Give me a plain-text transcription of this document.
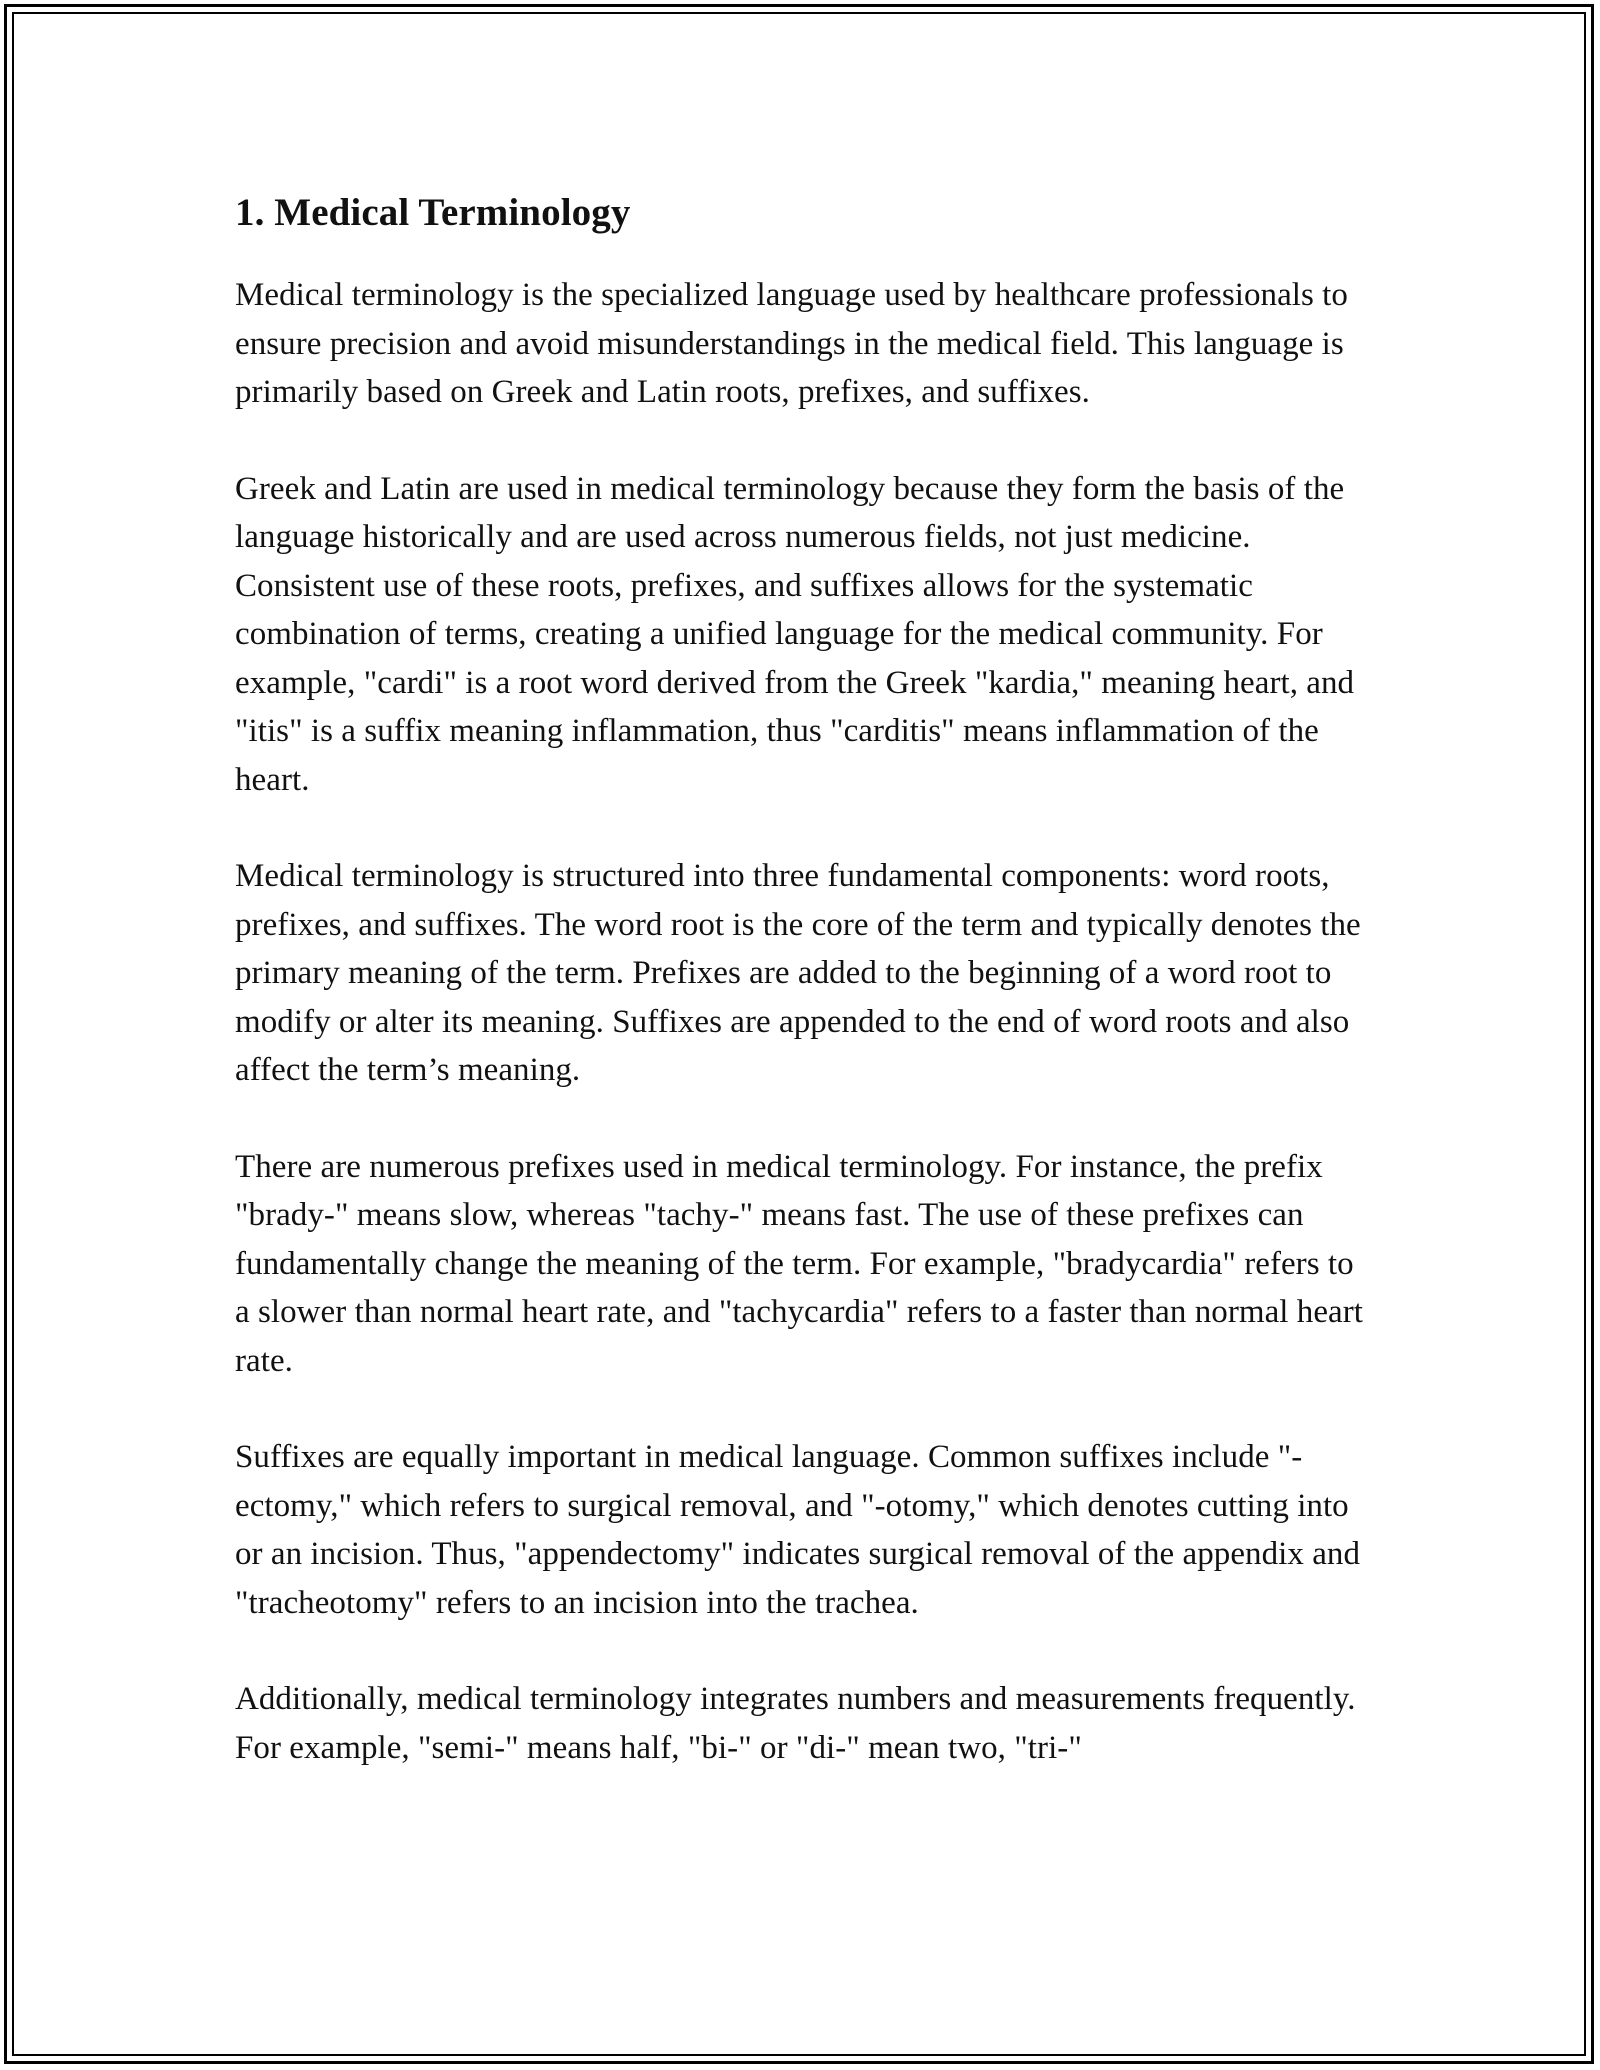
1. Medical Terminology

Medical terminology is the specialized language used by healthcare professionals to ensure precision and avoid misunderstandings in the medical field. This language is primarily based on Greek and Latin roots, prefixes, and suffixes.

Greek and Latin are used in medical terminology because they form the basis of the language historically and are used across numerous fields, not just medicine. Consistent use of these roots, prefixes, and suffixes allows for the systematic combination of terms, creating a unified language for the medical community. For example, "cardi" is a root word derived from the Greek "kardia," meaning heart, and "itis" is a suffix meaning inflammation, thus "carditis" means inflammation of the heart.

Medical terminology is structured into three fundamental components: word roots, prefixes, and suffixes. The word root is the core of the term and typically denotes the primary meaning of the term. Prefixes are added to the beginning of a word root to modify or alter its meaning. Suffixes are appended to the end of word roots and also affect the term’s meaning.

There are numerous prefixes used in medical terminology. For instance, the prefix "brady-" means slow, whereas "tachy-" means fast. The use of these prefixes can fundamentally change the meaning of the term. For example, "bradycardia" refers to a slower than normal heart rate, and "tachycardia" refers to a faster than normal heart rate.

Suffixes are equally important in medical language. Common suffixes include "-ectomy," which refers to surgical removal, and "-otomy," which denotes cutting into or an incision. Thus, "appendectomy" indicates surgical removal of the appendix and "tracheotomy" refers to an incision into the trachea.

Additionally, medical terminology integrates numbers and measurements frequently. For example, "semi-" means half, "bi-" or "di-" mean two, "tri-"
